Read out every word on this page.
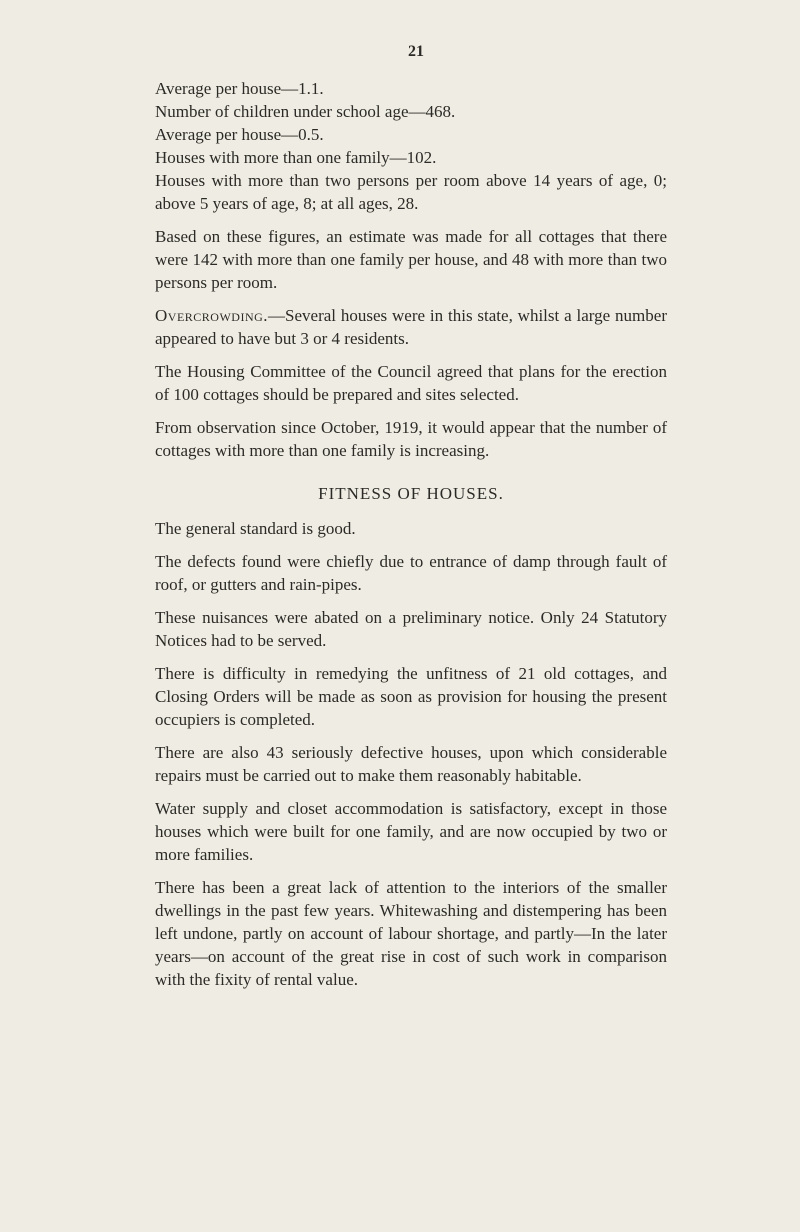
21

Average per house—1.1.

Number of children under school age—468.

Average per house—0.5.

Houses with more than one family—102.

Houses with more than two persons per room above 14 years of age, 0; above 5 years of age, 8; at all ages, 28.

Based on these figures, an estimate was made for all cottages that there were 142 with more than one family per house, and 48 with more than two persons per room.

Overcrowding.—Several houses were in this state, whilst a large number appeared to have but 3 or 4 residents.

The Housing Committee of the Council agreed that plans for the erection of 100 cottages should be prepared and sites selected.

From observation since October, 1919, it would appear that the number of cottages with more than one family is increasing.

FITNESS OF HOUSES.

The general standard is good.

The defects found were chiefly due to entrance of damp through fault of roof, or gutters and rain-pipes.

These nuisances were abated on a preliminary notice. Only 24 Statutory Notices had to be served.

There is difficulty in remedying the unfitness of 21 old cottages, and Closing Orders will be made as soon as provision for housing the present occupiers is completed.

There are also 43 seriously defective houses, upon which considerable repairs must be carried out to make them reasonably habitable.

Water supply and closet accommodation is satisfactory, except in those houses which were built for one family, and are now occupied by two or more families.

There has been a great lack of attention to the interiors of the smaller dwellings in the past few years. Whitewashing and distempering has been left undone, partly on account of labour shortage, and partly—In the later years—on account of the great rise in cost of such work in comparison with the fixity of rental value.
